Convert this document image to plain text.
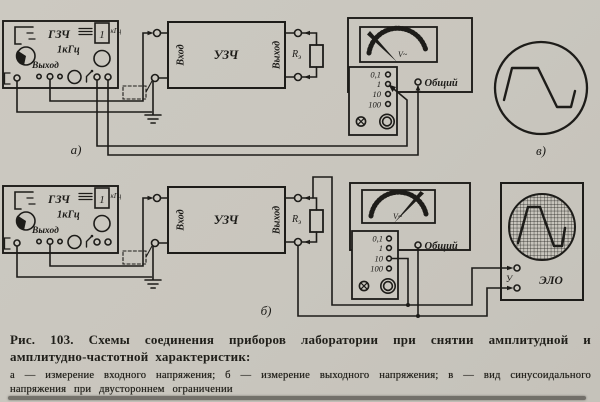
ГЗЧ	1 кГц
1кГц
Выход
Вход УЗЧ	Выход $R_э$	V~
0,1
1
10
100
Общий
в)
а)
ГЗЧ	1 кГц
1кГц
Выход
Вход УЗЧ	Выход $R_э$
V~
0,1
1
10
100
Общий
У ЭЛО
б)

Рис. 103. Схемы соединения приборов лаборатории при снятии амплитудной и амплитудно-частотной характеристик:

а — измерение входного напряжения; б — измерение выходного напряжения; в — вид синусоидального напряжения при двустороннем ограничении
